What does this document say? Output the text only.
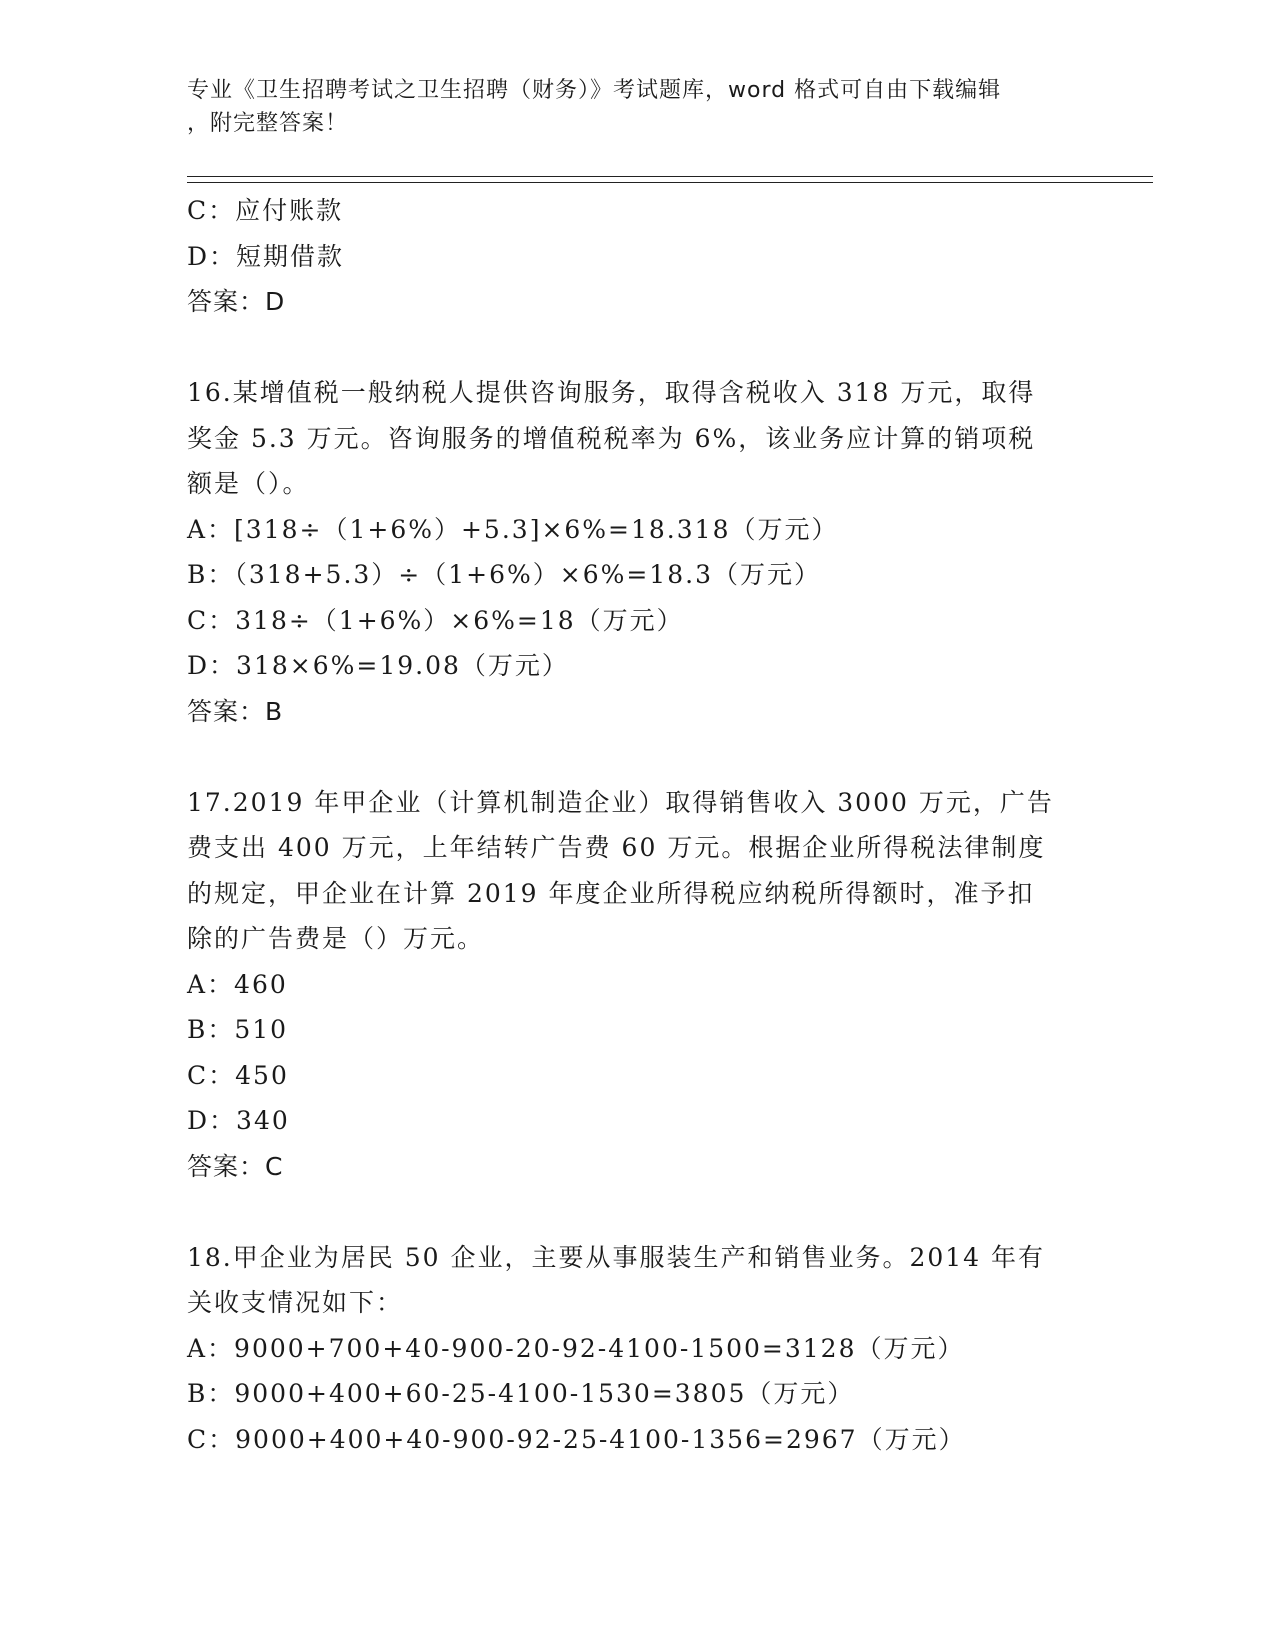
专业《卫生招聘考试之卫生招聘（财务）》考试题库，word 格式可自由下载编辑
，附完整答案！
C：应付账款
D：短期借款
答案：D
16.某增值税一般纳税人提供咨询服务，取得含税收入 318 万元，取得
奖金 5.3 万元。咨询服务的增值税税率为 6%，该业务应计算的销项税
额是（）。
A：[318÷（1+6%）+5.3]×6%=18.318（万元）
B：（318+5.3）÷（1+6%）×6%=18.3（万元）
C：318÷（1+6%）×6%=18（万元）
D：318×6%=19.08（万元）
答案：B
17.2019 年甲企业（计算机制造企业）取得销售收入 3000 万元，广告
费支出 400 万元，上年结转广告费 60 万元。根据企业所得税法律制度
的规定，甲企业在计算 2019 年度企业所得税应纳税所得额时，准予扣
除的广告费是（）万元。
A：460
B：510
C：450
D：340
答案：C
18.甲企业为居民 50 企业，主要从事服装生产和销售业务。2014 年有
关收支情况如下：
A：9000+700+40-900-20-92-4100-1500=3128（万元）
B：9000+400+60-25-4100-1530=3805（万元）
C：9000+400+40-900-92-25-4100-1356=2967（万元）
